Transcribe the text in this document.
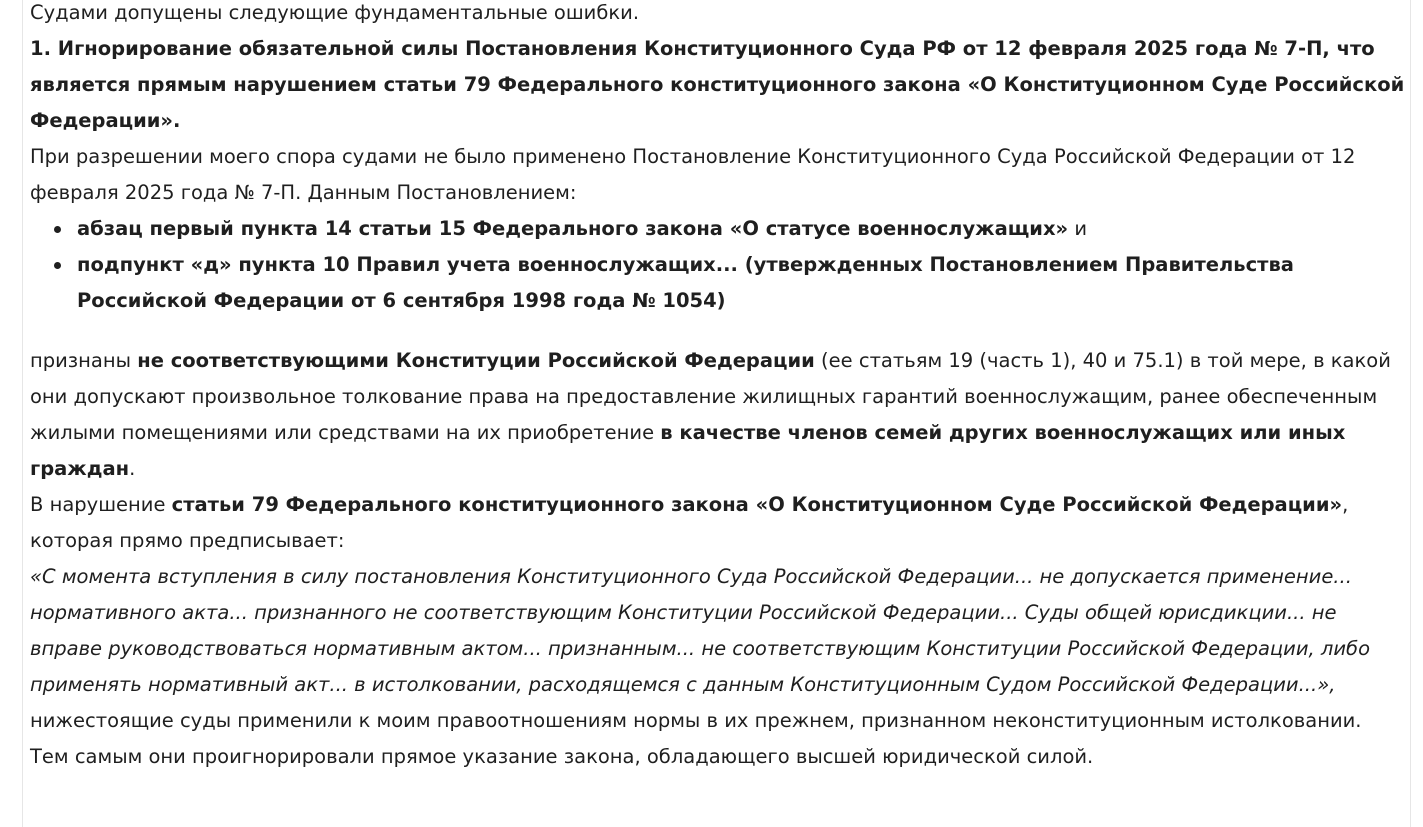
Судами допущены следующие фундаментальные ошибки.

1. Игнорирование обязательной силы Постановления Конституционного Суда РФ от 12 февраля 2025 года № 7-П, что является прямым нарушением статьи 79 Федерального конституционного закона «О Конституционном Суде Российской Федерации».

При разрешении моего спора судами не было применено Постановление Конституционного Суда Российской Федерации от 12 февраля 2025 года № 7-П. Данным Постановлением:

абзац первый пункта 14 статьи 15 Федерального закона «О статусе военнослужащих» и
подпункт «д» пункта 10 Правил учета военнослужащих... (утвержденных Постановлением Правительства Российской Федерации от 6 сентября 1998 года № 1054)

признаны не соответствующими Конституции Российской Федерации (ее статьям 19 (часть 1), 40 и 75.1) в той мере, в какой они допускают произвольное толкование права на предоставление жилищных гарантий военнослужащим, ранее обеспеченным жилыми помещениями или средствами на их приобретение в качестве членов семей других военнослужащих или иных граждан.

В нарушение статьи 79 Федерального конституционного закона «О Конституционном Суде Российской Федерации», которая прямо предписывает:

«С момента вступления в силу постановления Конституционного Суда Российской Федерации... не допускается применение... нормативного акта... признанного не соответствующим Конституции Российской Федерации... Суды общей юрисдикции... не вправе руководствоваться нормативным актом... признанным... не соответствующим Конституции Российской Федерации, либо применять нормативный акт... в истолковании, расходящемся с данным Конституционным Судом Российской Федерации...»,

нижестоящие суды применили к моим правоотношениям нормы в их прежнем, признанном неконституционным истолковании. Тем самым они проигнорировали прямое указание закона, обладающего высшей юридической силой.
